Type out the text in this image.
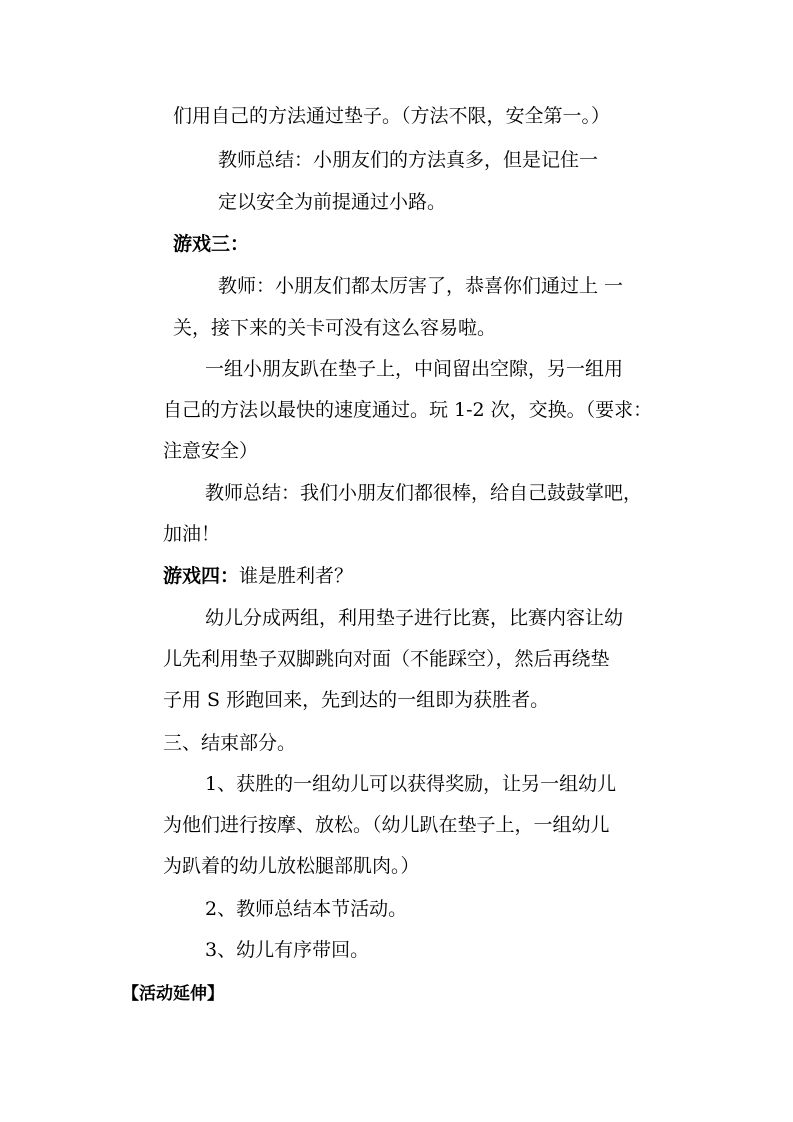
们用自己的方法通过垫子。（方法不限，安全第一。）
教师总结：小朋友们的方法真多，但是记住一
定以安全为前提通过小路。
游戏三：
教师：小朋友们都太厉害了，恭喜你们通过上 一
关，接下来的关卡可没有这么容易啦。
一组小朋友趴在垫子上，中间留出空隙，另一组用
自己的方法以最快的速度通过。玩 1-2 次，交换。（要求：
注意安全）
教师总结：我们小朋友们都很棒，给自己鼓鼓掌吧，
加油！
游戏四：谁是胜利者？
幼儿分成两组，利用垫子进行比赛，比赛内容让幼
儿先利用垫子双脚跳向对面（不能踩空），然后再绕垫
子用 S 形跑回来，先到达的一组即为获胜者。
三、结束部分。
1、获胜的一组幼儿可以获得奖励，让另一组幼儿
为他们进行按摩、放松。（幼儿趴在垫子上，一组幼儿
为趴着的幼儿放松腿部肌肉。）
2、教师总结本节活动。
3、幼儿有序带回。
【活动延伸】
